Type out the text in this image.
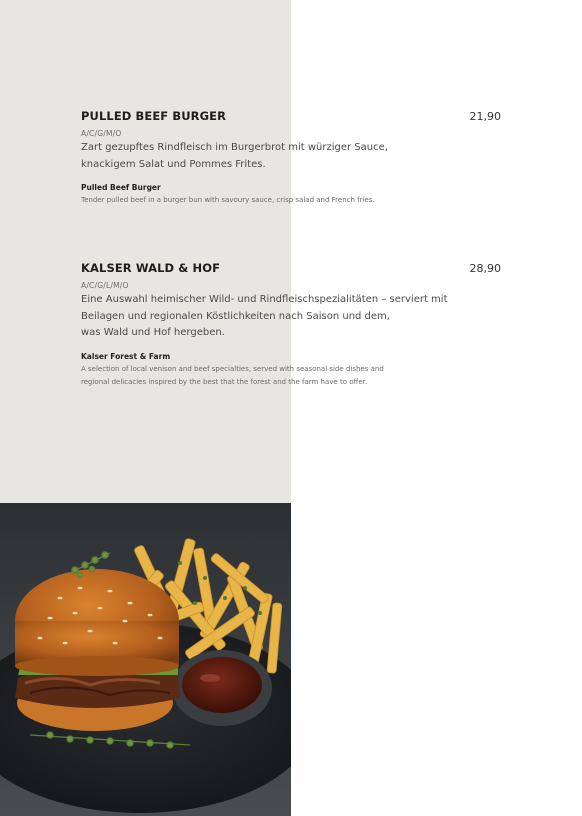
PULLED BEEF BURGER	21,90
A/C/G/M/O
Zart gezupftes Rindfleisch im Burgerbrot mit würziger Sauce,
knackigem Salat und Pommes Frites.
Pulled Beef Burger
Tender pulled beef in a burger bun with savoury sauce, crisp salad and French fries.
KALSER WALD & HOF	28,90
A/C/G/L/M/O
Eine Auswahl heimischer Wild- und Rindfleischspezialitäten – serviert mit
Beilagen und regionalen Köstlichkeiten nach Saison und dem,
was Wald und Hof hergeben.
Kalser Forest & Farm
A selection of local venison and beef specialties, served with seasonal side dishes and
regional delicacies inspired by the best that the forest and the farm have to offer.
